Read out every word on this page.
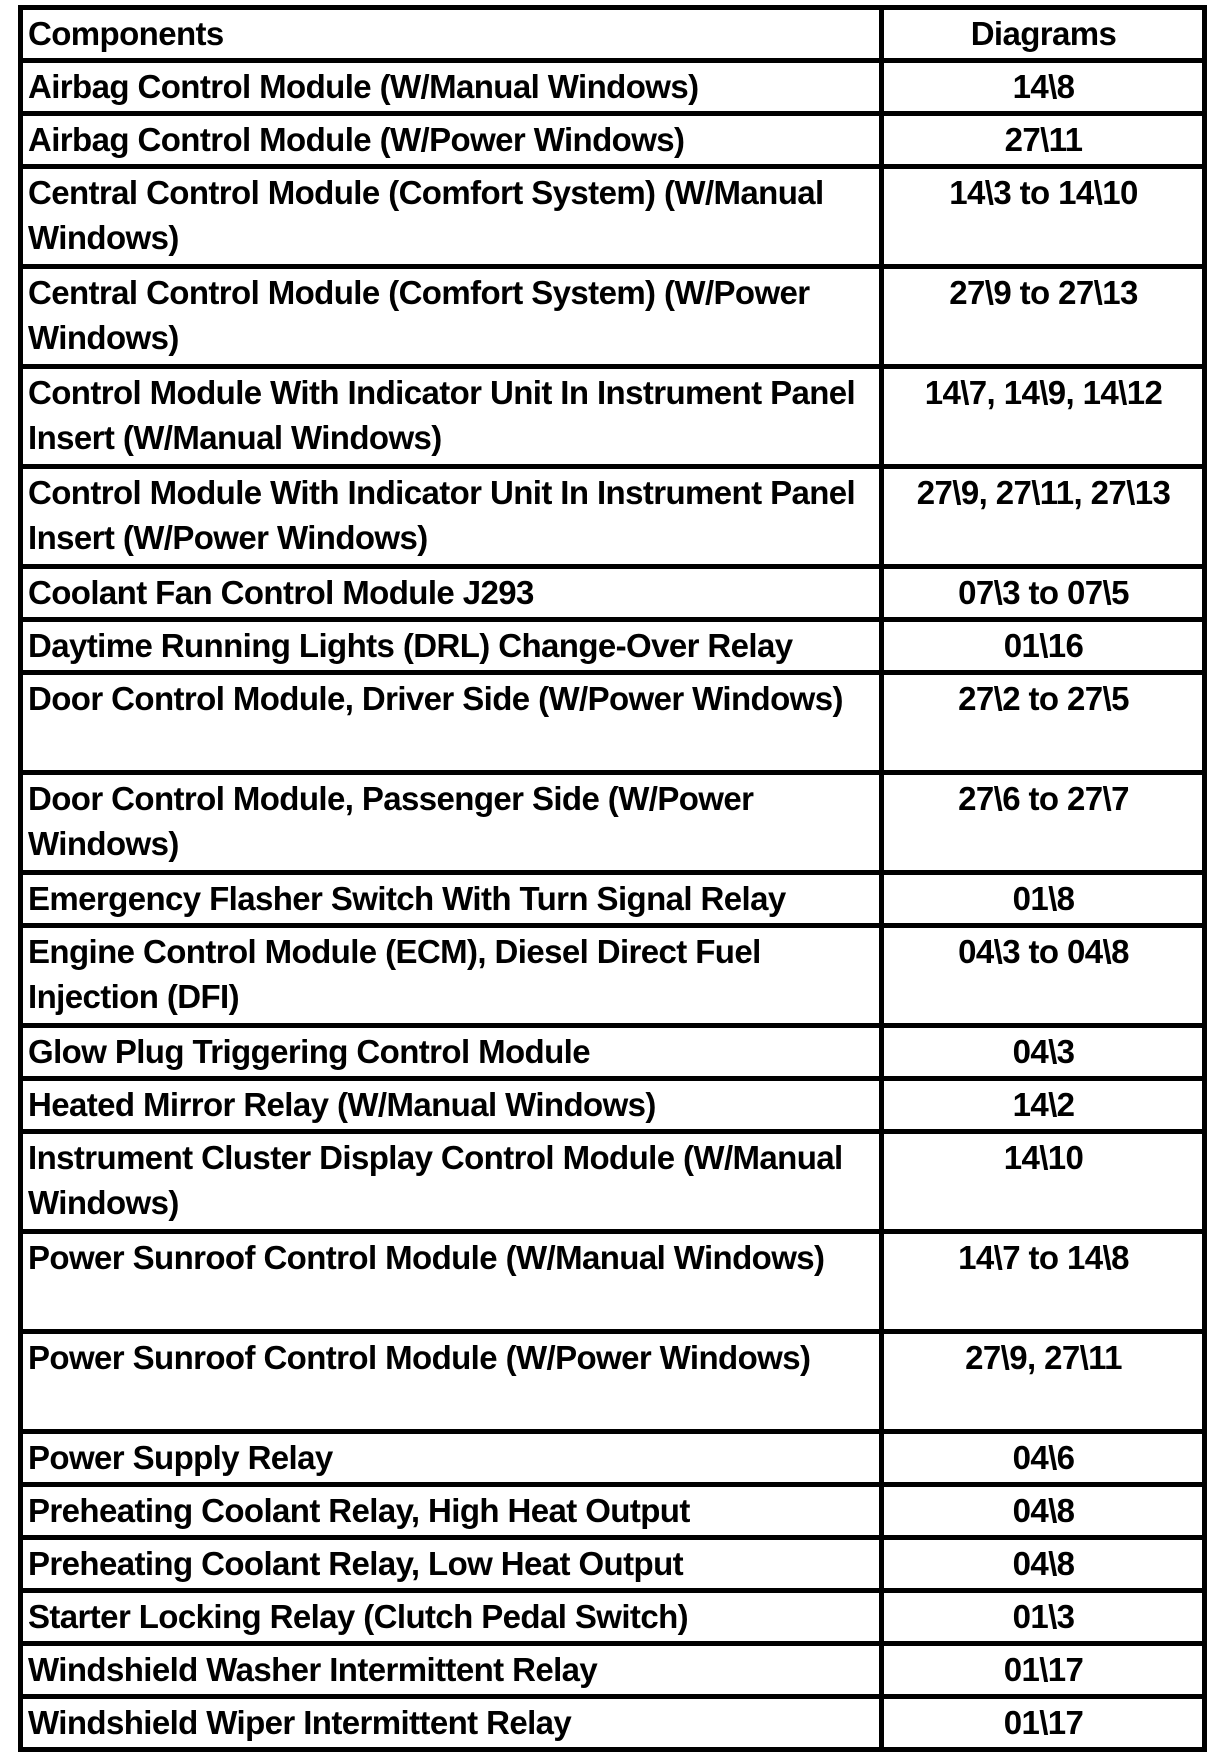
Components	Diagrams
Airbag Control Module (W/Manual Windows)	14\8
Airbag Control Module (W/Power Windows)	27\11
Central Control Module (Comfort System) (W/Manual Windows)	14\3 to 14\10
Central Control Module (Comfort System) (W/Power Windows)	27\9 to 27\13
Control Module With Indicator Unit In Instrument Panel Insert (W/Manual Windows)	14\7, 14\9, 14\12
Control Module With Indicator Unit In Instrument Panel Insert (W/Power Windows)	27\9, 27\11, 27\13
Coolant Fan Control Module J293	07\3 to 07\5
Daytime Running Lights (DRL) Change-Over Relay	01\16
Door Control Module, Driver Side (W/Power Windows)	27\2 to 27\5
Door Control Module, Passenger Side (W/Power Windows)	27\6 to 27\7
Emergency Flasher Switch With Turn Signal Relay	01\8
Engine Control Module (ECM), Diesel Direct Fuel Injection (DFI)	04\3 to 04\8
Glow Plug Triggering Control Module	04\3
Heated Mirror Relay (W/Manual Windows)	14\2
Instrument Cluster Display Control Module (W/Manual Windows)	14\10
Power Sunroof Control Module (W/Manual Windows)	14\7 to 14\8
Power Sunroof Control Module (W/Power Windows)	27\9, 27\11
Power Supply Relay	04\6
Preheating Coolant Relay, High Heat Output	04\8
Preheating Coolant Relay, Low Heat Output	04\8
Starter Locking Relay (Clutch Pedal Switch)	01\3
Windshield Washer Intermittent Relay	01\17
Windshield Wiper Intermittent Relay	01\17
